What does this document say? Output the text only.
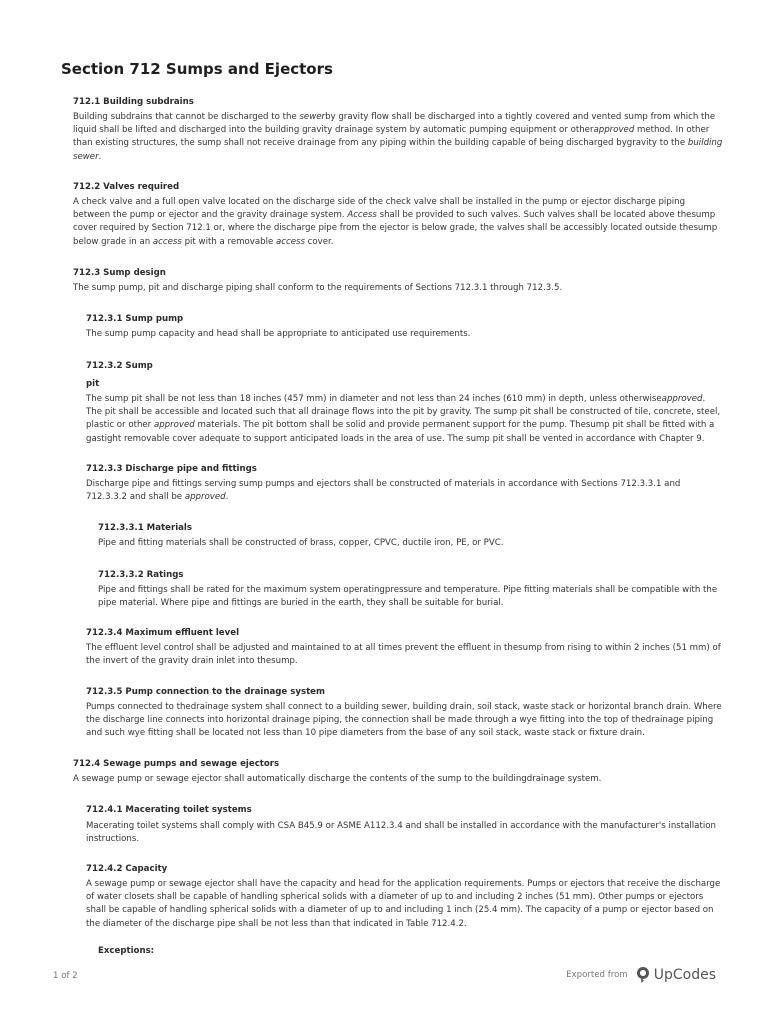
Section 712 Sumps and Ejectors

712.1 Building subdrains

Building subdrains that cannot be discharged to the sewerby gravity flow shall be discharged into a tightly covered and vented sump from which the liquid shall be lifted and discharged into the building gravity drainage system by automatic pumping equipment or otherapproved method. In other than existing structures, the sump shall not receive drainage from any piping within the building capable of being discharged bygravity to the building sewer.

712.2 Valves required

A check valve and a full open valve located on the discharge side of the check valve shall be installed in the pump or ejector discharge piping between the pump or ejector and the gravity drainage system. Access shall be provided to such valves. Such valves shall be located above thesump cover required by Section 712.1 or, where the discharge pipe from the ejector is below grade, the valves shall be accessibly located outside thesump below grade in an access pit with a removable access cover.

712.3 Sump design

The sump pump, pit and discharge piping shall conform to the requirements of Sections 712.3.1 through 712.3.5.

712.3.1 Sump pump

The sump pump capacity and head shall be appropriate to anticipated use requirements.

712.3.2 Sump

pit

The sump pit shall be not less than 18 inches (457 mm) in diameter and not less than 24 inches (610 mm) in depth, unless otherwiseapproved. The pit shall be accessible and located such that all drainage flows into the pit by gravity. The sump pit shall be constructed of tile, concrete, steel, plastic or other approved materials. The pit bottom shall be solid and provide permanent support for the pump. Thesump pit shall be fitted with a gastight removable cover adequate to support anticipated loads in the area of use. The sump pit shall be vented in accordance with Chapter 9.

712.3.3 Discharge pipe and fittings

Discharge pipe and fittings serving sump pumps and ejectors shall be constructed of materials in accordance with Sections 712.3.3.1 and 712.3.3.2 and shall be approved.

712.3.3.1 Materials

Pipe and fitting materials shall be constructed of brass, copper, CPVC, ductile iron, PE, or PVC.

712.3.3.2 Ratings

Pipe and fittings shall be rated for the maximum system operatingpressure and temperature. Pipe fitting materials shall be compatible with the pipe material. Where pipe and fittings are buried in the earth, they shall be suitable for burial.

712.3.4 Maximum effluent level

The effluent level control shall be adjusted and maintained to at all times prevent the effluent in thesump from rising to within 2 inches (51 mm) of the invert of the gravity drain inlet into thesump.

712.3.5 Pump connection to the drainage system

Pumps connected to thedrainage system shall connect to a building sewer, building drain, soil stack, waste stack or horizontal branch drain. Where the discharge line connects into horizontal drainage piping, the connection shall be made through a wye fitting into the top of thedrainage piping and such wye fitting shall be located not less than 10 pipe diameters from the base of any soil stack, waste stack or fixture drain.

712.4 Sewage pumps and sewage ejectors

A sewage pump or sewage ejector shall automatically discharge the contents of the sump to the buildingdrainage system.

712.4.1 Macerating toilet systems

Macerating toilet systems shall comply with CSA B45.9 or ASME A112.3.4 and shall be installed in accordance with the manufacturer's installation instructions.

712.4.2 Capacity

A sewage pump or sewage ejector shall have the capacity and head for the application requirements. Pumps or ejectors that receive the discharge of water closets shall be capable of handling spherical solids with a diameter of up to and including 2 inches (51 mm). Other pumps or ejectors shall be capable of handling spherical solids with a diameter of up to and including 1 inch (25.4 mm). The capacity of a pump or ejector based on the diameter of the discharge pipe shall be not less than that indicated in Table 712.4.2.

Exceptions:

1 of 2	Exported from UpCodes
